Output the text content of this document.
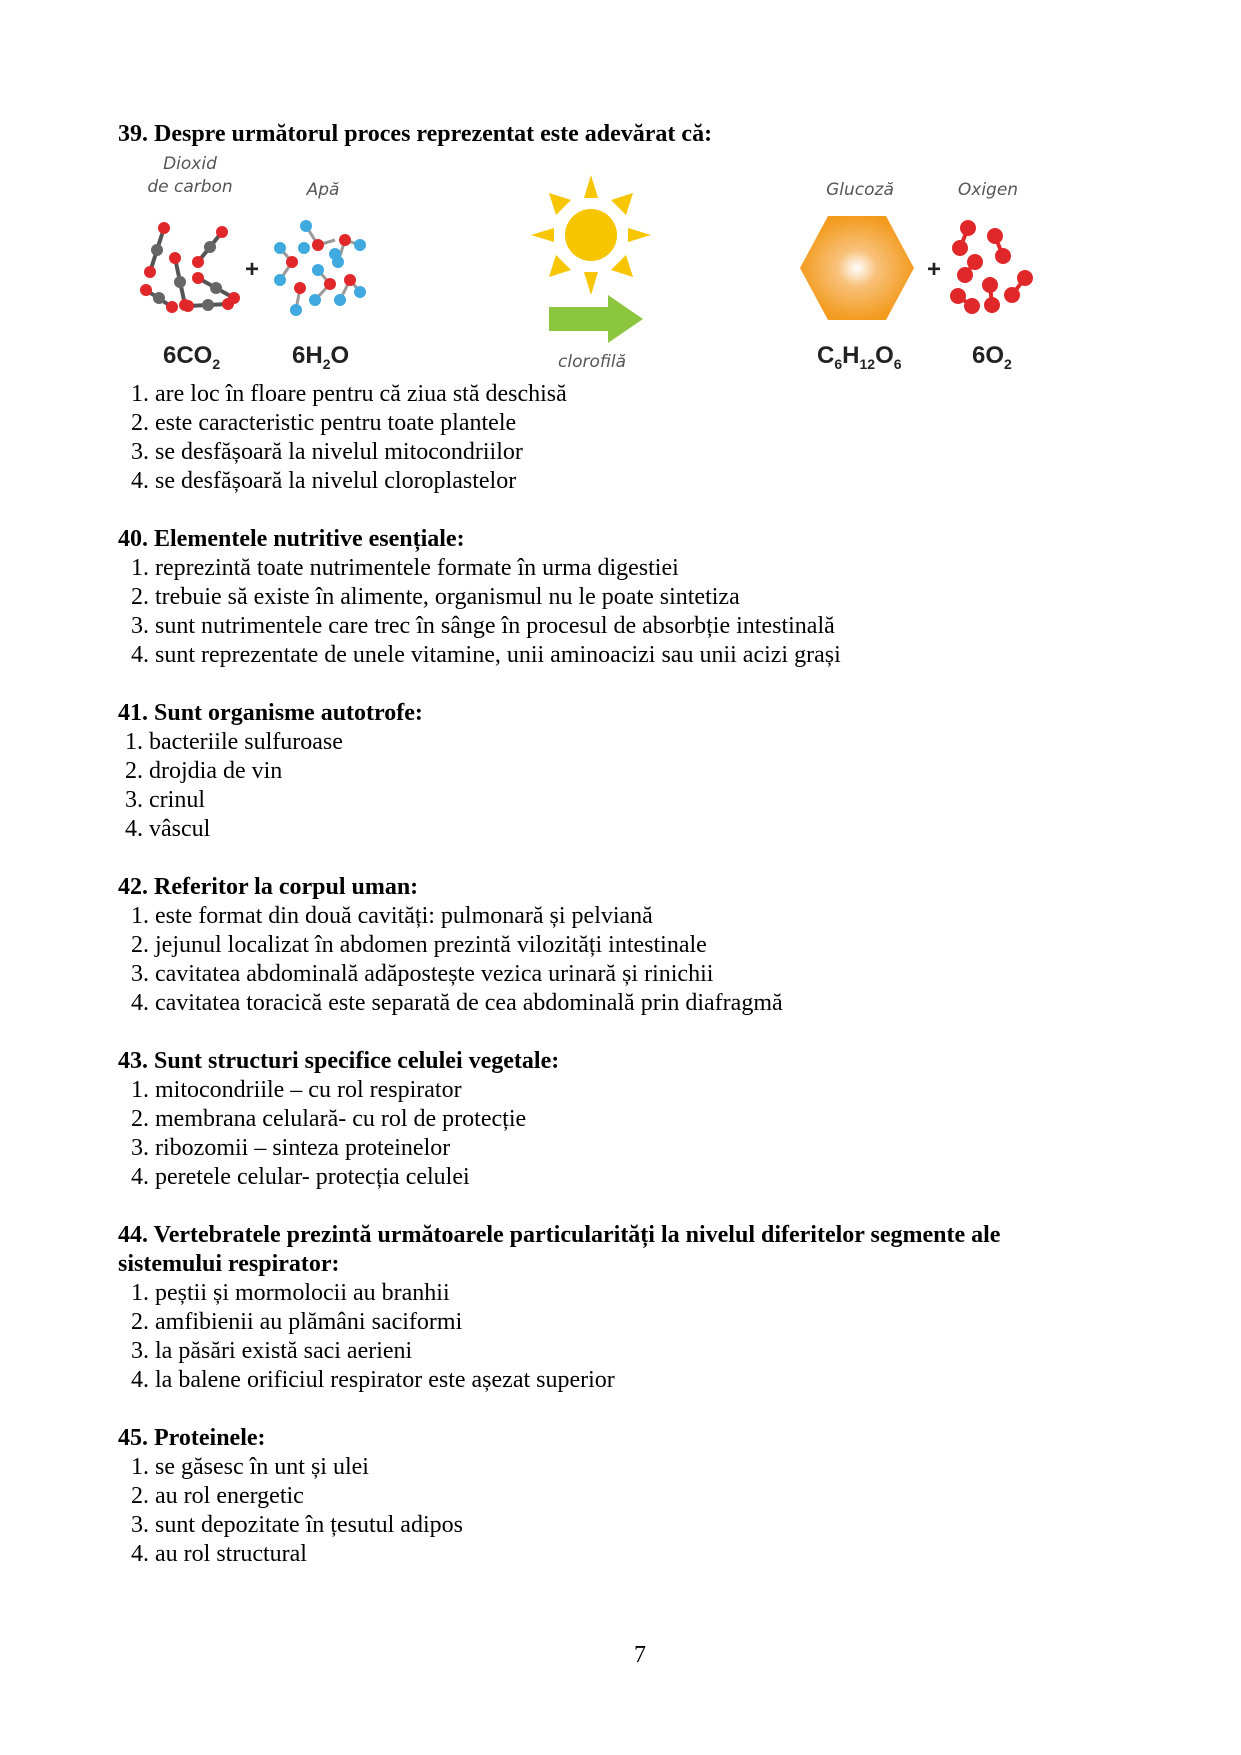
39. Despre următorul proces reprezentat este adevărat că:
Dioxid
de carbon	Apă	Glucoză	Oxigen
+
clorofilă
+
$6CO_2$	$6H_2O$	$C_6H_{12}O_6$	$6O_2$
1. are loc în floare pentru că ziua stă deschisă
2. este caracteristic pentru toate plantele
3. se desfășoară la nivelul mitocondriilor
4. se desfășoară la nivelul cloroplastelor
40. Elementele nutritive esențiale:
1. reprezintă toate nutrimentele formate în urma digestiei
2. trebuie să existe în alimente, organismul nu le poate sintetiza
3. sunt nutrimentele care trec în sânge în procesul de absorbție intestinală
4. sunt reprezentate de unele vitamine, unii aminoacizi sau unii acizi grași
41. Sunt organisme autotrofe:
1. bacteriile sulfuroase
2. drojdia de vin
3. crinul
4. vâscul
42. Referitor la corpul uman:
1. este format din două cavități: pulmonară și pelviană
2. jejunul localizat în abdomen prezintă vilozități intestinale
3. cavitatea abdominală adăpostește vezica urinară și rinichii
4. cavitatea toracică este separată de cea abdominală prin diafragmă
43. Sunt structuri specifice celulei vegetale:
1. mitocondriile – cu rol respirator
2. membrana celulară- cu rol de protecție
3. ribozomii – sinteza proteinelor
4. peretele celular- protecția celulei
44. Vertebratele prezintă următoarele particularități la nivelul diferitelor segmente ale
sistemului respirator:
1. peștii și mormolocii au branhii
2. amfibienii au plămâni saciformi
3. la păsări există saci aerieni
4. la balene orificiul respirator este așezat superior
45. Proteinele:
1. se găsesc în unt și ulei
2. au rol energetic
3. sunt depozitate în țesutul adipos
4. au rol structural
7
